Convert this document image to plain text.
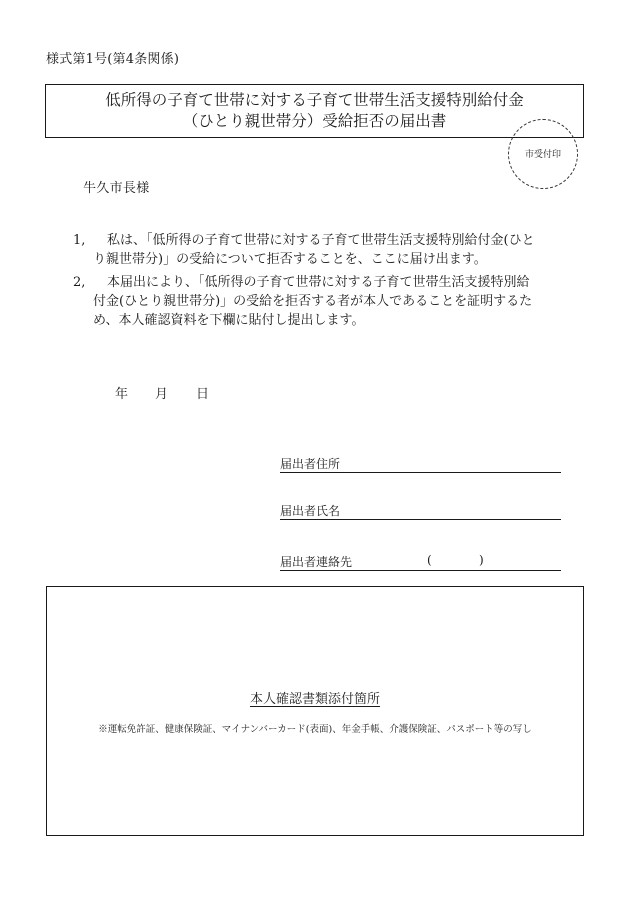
様式第1号(第4条関係)
低所得の子育て世帯に対する子育て世帯生活支援特別給付金
（ひとり親世帯分）受給拒否の届出書
市受付印
牛久市長様
1, 私は、「低所得の子育て世帯に対する子育て世帯生活支援特別給付金(ひと
り親世帯分)」の受給について拒否することを、ここに届け出ます。
2, 本届出により、「低所得の子育て世帯に対する子育て世帯生活支援特別給
付金(ひとり親世帯分)」の受給を拒否する者が本人であることを証明するた
め、本人確認資料を下欄に貼付し提出します。
年 月 日
届出者住所
届出者氏名
届出者連絡先	(	)
本人確認書類添付箇所
※運転免許証、健康保険証、マイナンバーカード(表面)、年金手帳、介護保険証、パスポート等の写し
